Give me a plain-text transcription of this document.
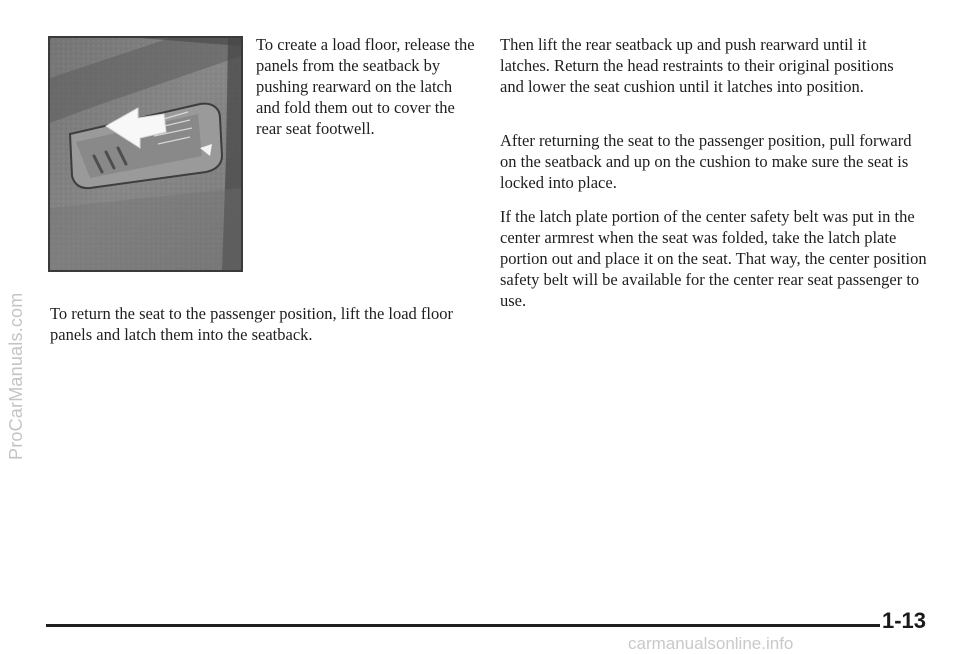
ProCarManuals.com

To create a load floor, release the panels from the seatback by pushing rearward on the latch and fold them out to cover the rear seat footwell.

To return the seat to the passenger position, lift the load floor panels and latch them into the seatback.

Then lift the rear seatback up and push rearward until it latches. Return the head restraints to their original positions and lower the seat cushion until it latches into position.

After returning the seat to the passenger position, pull forward on the seatback and up on the cushion to make sure the seat is locked into place.

If the latch plate portion of the center safety belt was put in the center armrest when the seat was folded, take the latch plate portion out and place it on the seat. That way, the center position safety belt will be available for the center rear seat passenger to use.

1-13
carmanualsonline.info
